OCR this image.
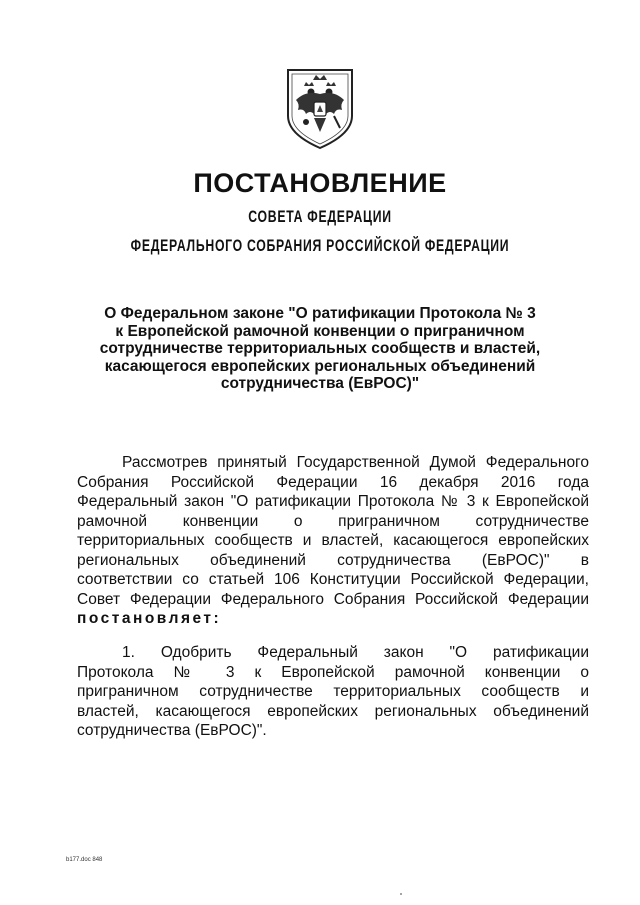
ПОСТАНОВЛЕНИЕ
СОВЕТА ФЕДЕРАЦИИ
ФЕДЕРАЛЬНОГО СОБРАНИЯ РОССИЙСКОЙ ФЕДЕРАЦИИ
О Федеральном законе "О ратификации Протокола № 3
к Европейской рамочной конвенции о приграничном
сотрудничестве территориальных сообществ и властей,
касающегося европейских региональных объединений
сотрудничества (ЕвРОС)"
Рассмотрев принятый Государственной Думой Федерального
Собрания Российской Федерации 16 декабря 2016 года
Федеральный закон "О ратификации Протокола № 3 к Европейской
рамочной конвенции о приграничном сотрудничестве
территориальных сообществ и властей, касающегося европейских
региональных объединений сотрудничества (ЕвРОС)" в
соответствии со статьей 106 Конституции Российской Федерации,
Совет Федерации Федерального Собрания Российской Федерации
постановляет:
1. Одобрить Федеральный закон "О ратификации
Протокола № 3 к Европейской рамочной конвенции о
приграничном сотрудничестве территориальных сообществ и
властей, касающегося европейских региональных объединений
сотрудничества (ЕвРОС)".
b177.doc 848
